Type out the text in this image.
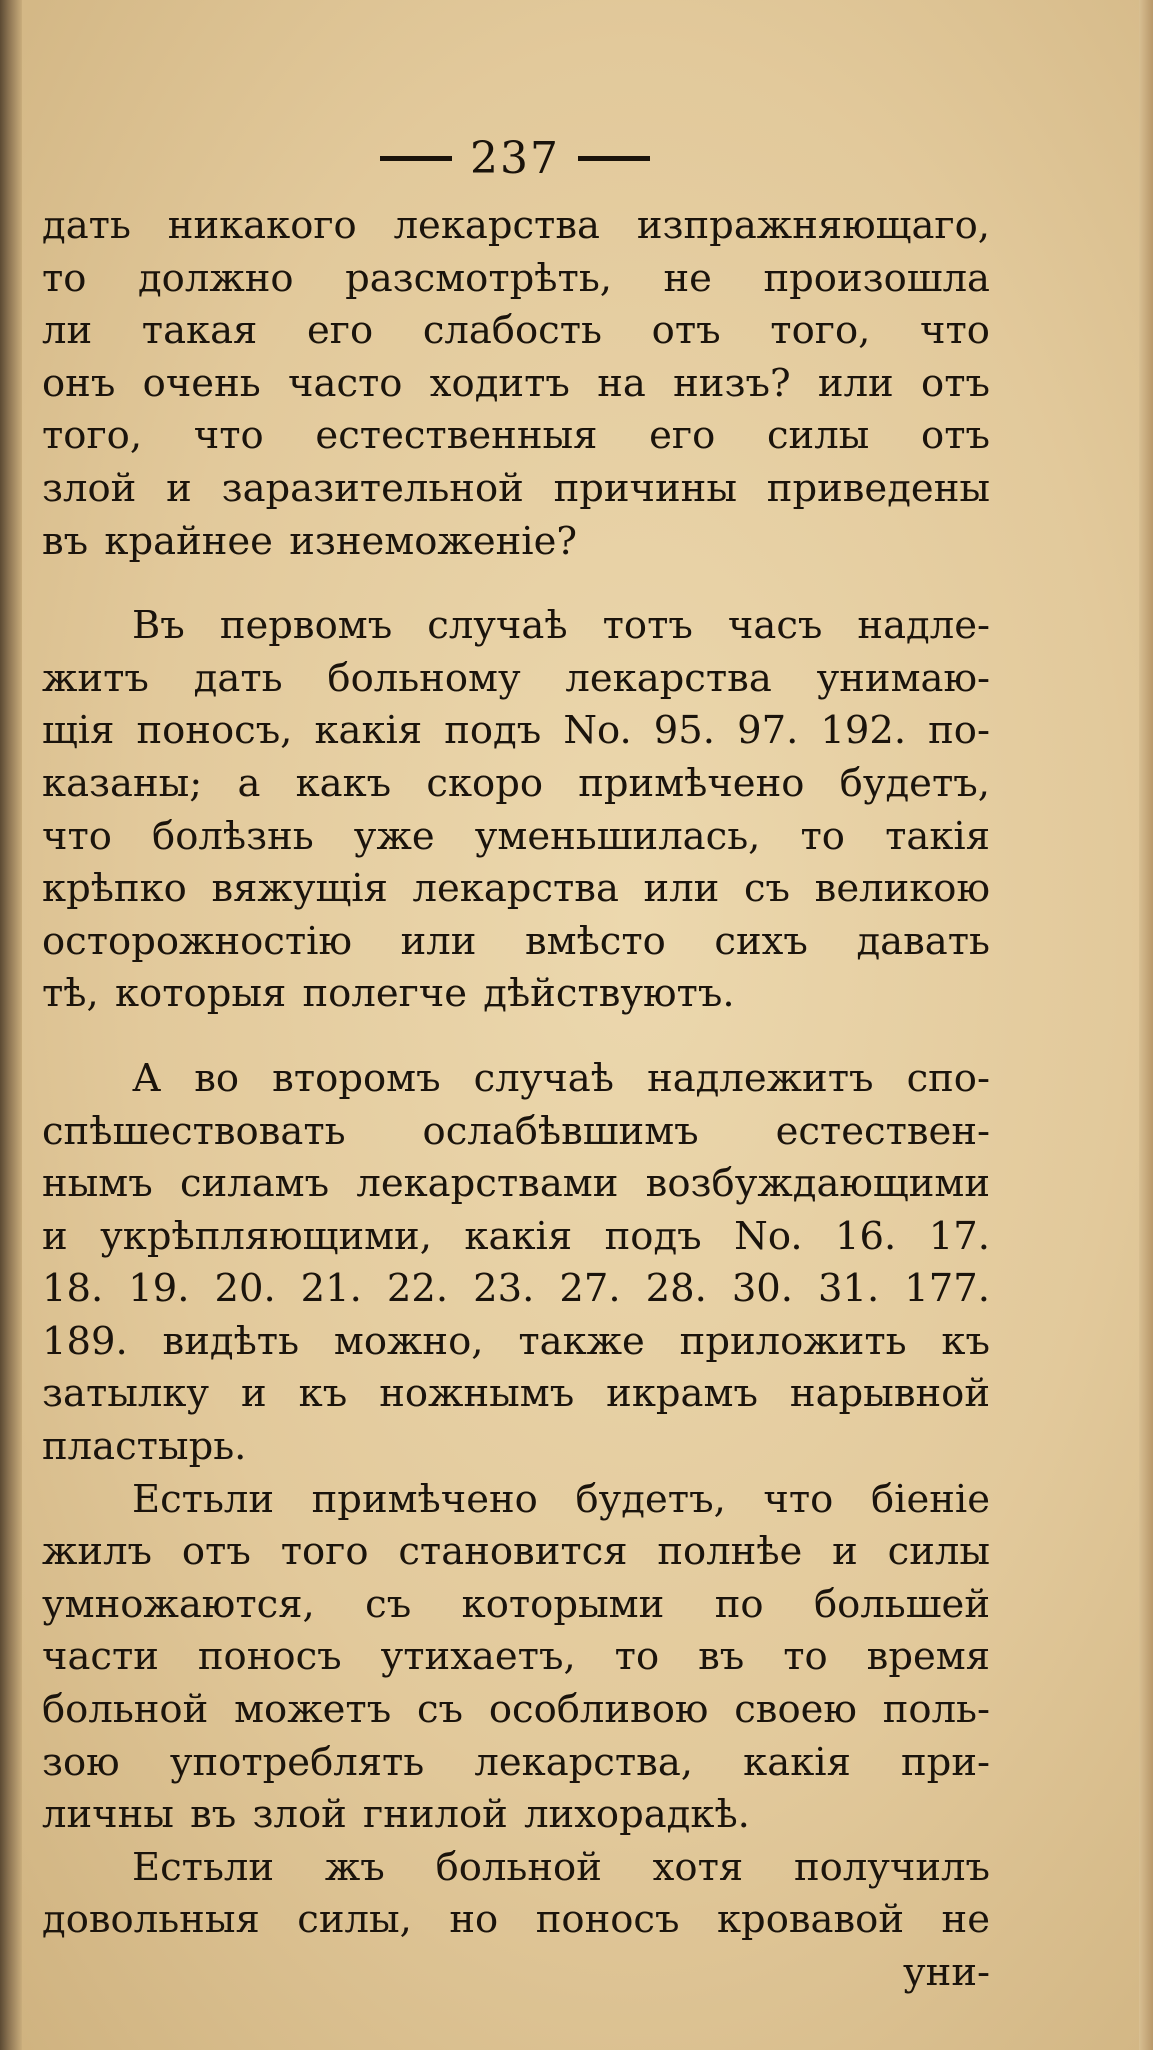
237
дать никакого лекарства изпражняющаго,
то должно разсмотрѣть, не произошла
ли такая его слабость отъ того, что
онъ очень часто ходитъ на низъ? или отъ
того, что естественныя его силы отъ
злой и заразительной причины приведены
въ крайнее изнеможеніе?
Въ первомъ случаѣ тотъ часъ надле-
житъ дать больному лекарства унимаю-
щія поносъ, какія подъ No. 95. 97. 192. по-
казаны; а какъ скоро примѣчено будетъ,
что болѣзнь уже уменьшилась, то такія
крѣпко вяжущія лекарства или съ великою
осторожностію или вмѣсто сихъ давать
тѣ, которыя полегче дѣйствуютъ.
А во второмъ случаѣ надлежитъ спо-
спѣшествовать ослабѣвшимъ естествен-
нымъ силамъ лекарствами возбуждающими
и укрѣпляющими, какія подъ No. 16. 17.
18. 19. 20. 21. 22. 23. 27. 28. 30. 31. 177.
189. видѣть можно, также приложить къ
затылку и къ ножнымъ икрамъ нарывной
пластырь.
Естьли примѣчено будетъ, что біеніе
жилъ отъ того становится полнѣе и силы
умножаются, съ которыми по большей
части поносъ утихаетъ, то въ то время
больной можетъ съ особливою своею поль-
зою употреблять лекарства, какія при-
личны въ злой гнилой лихорадкѣ.
Естьли жъ больной хотя получилъ
довольныя силы, но поносъ кровавой не
уни-
